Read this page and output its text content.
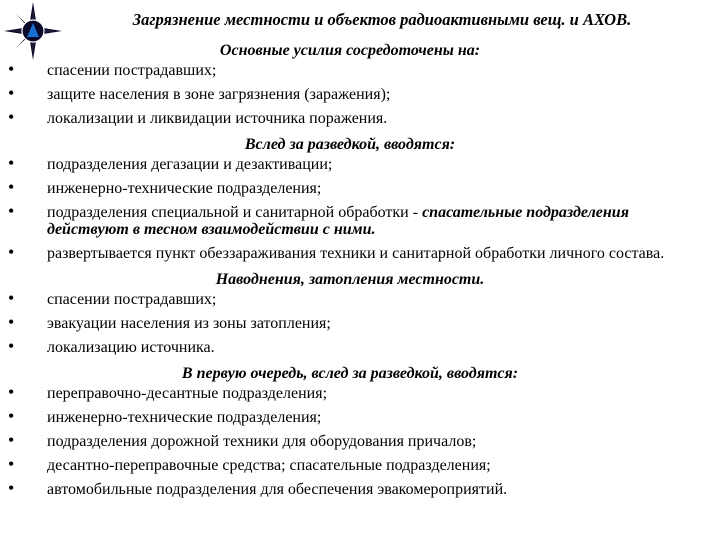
Загрязнение местности и объектов радиоактивными вещ. и АХОВ.

Основные усилия сосредоточены на:

• спасении пострадавших;
• защите населения в зоне загрязнения (заражения);
• локализации и ликвидации источника поражения.

Вслед за разведкой, вводятся:

• подразделения дегазации и дезактивации;
• инженерно-технические подразделения;
• подразделения специальной и санитарной обработки - спасательные подразделения действуют в тесном взаимодействии с ними.
• развертывается пункт обеззараживания техники и санитарной обработки личного состава.

Наводнения, затопления местности.

• спасении пострадавших;
• эвакуации населения из зоны затопления;
• локализацию источника.

В первую очередь, вслед за разведкой, вводятся:

• переправочно-десантные подразделения;
• инженерно-технические подразделения;
• подразделения дорожной техники для оборудования причалов;
• десантно-переправочные средства; спасательные подразделения;
• автомобильные подразделения для обеспечения эвакомероприятий.
